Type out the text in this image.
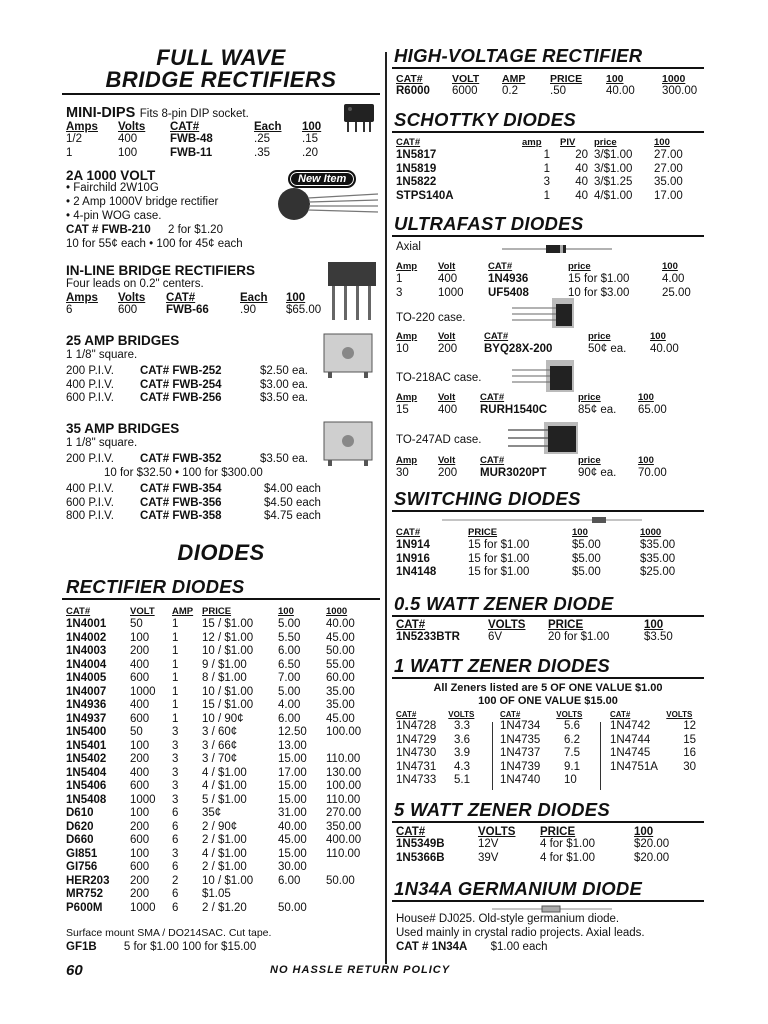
FULL WAVE
BRIDGE RECTIFIERS
MINI-DIPS Fits 8-pin DIP socket.
Amps	Volts	CAT#	Each	100
1/2	400	FWB-48	.25	.15
1	100	FWB-11	.35	.20
2A 1000 VOLT	New Item
• Fairchild 2W10G
• 2 Amp 1000V bridge rectifier
• 4-pin WOG case.
CAT # FWB-210 2 for $1.20
10 for 55¢ each • 100 for 45¢ each
IN-LINE BRIDGE RECTIFIERS
Four leads on 0.2" centers.
Amps	Volts	CAT#	Each	100
6	600	FWB-66	.90	$65.00
25 AMP BRIDGES
1 1/8" square.
200 P.I.V.	CAT# FWB-252	$2.50 ea.
400 P.I.V.	CAT# FWB-254	$3.00 ea.
600 P.I.V.	CAT# FWB-256	$3.50 ea.
35 AMP BRIDGES
1 1/8" square.
200 P.I.V.	CAT# FWB-352	$3.50 ea.
10 for $32.50 • 100 for $300.00
400 P.I.V.	CAT# FWB-354	$4.00 each
600 P.I.V.	CAT# FWB-356	$4.50 each
800 P.I.V.	CAT# FWB-358	$4.75 each
DIODES
RECTIFIER DIODES
CAT#	VOLT	AMP	PRICE	100	1000
1N4001	50	1	15 / $1.00	5.00	40.00
1N4002	100	1	12 / $1.00	5.50	45.00
1N4003	200	1	10 / $1.00	6.00	50.00
1N4004	400	1	9 / $1.00	6.50	55.00
1N4005	600	1	8 / $1.00	7.00	60.00
1N4007	1000	1	10 / $1.00	5.00	35.00
1N4936	400	1	15 / $1.00	4.00	35.00
1N4937	600	1	10 / 90¢	6.00	45.00
1N5400	50	3	3 / 60¢	12.50	100.00
1N5401	100	3	3 / 66¢	13.00	
1N5402	200	3	3 / 70¢	15.00	110.00
1N5404	400	3	4 / $1.00	17.00	130.00
1N5406	600	3	4 / $1.00	15.00	100.00
1N5408	1000	3	5 / $1.00	15.00	110.00
D610	100	6	35¢	31.00	270.00
D620	200	6	2 / 90¢	40.00	350.00
D660	600	6	2 / $1.00	45.00	400.00
GI851	100	3	4 / $1.00	15.00	110.00
GI756	600	6	2 / $1.00	30.00	
HER203	200	2	10 / $1.00	6.00	50.00
MR752	200	6	$1.05		
P600M	1000	6	2 / $1.20	50.00	
Surface mount SMA / DO214SAC. Cut tape.
GF1B 5 for $1.00 100 for $15.00
HIGH-VOLTAGE RECTIFIER
CAT#	VOLT	AMP	PRICE	100	1000
R6000	6000	0.2	.50	40.00	300.00
SCHOTTKY DIODES
CAT#	amp	PIV	price	100
1N5817	1	20	3/$1.00	27.00
1N5819	1	40	3/$1.00	27.00
1N5822	3	40	3/$1.25	35.00
STPS140A	1	40	4/$1.00	17.00
ULTRAFAST DIODES
Axial
Amp	Volt	CAT#	price	100
1	400	1N4936	15 for $1.00	4.00
3	1000	UF5408	10 for $3.00	25.00
TO-220 case.
Amp	Volt	CAT#	price	100
10	200	BYQ28X-200	50¢ ea.	40.00
TO-218AC case.
Amp	Volt	CAT#	price	100
15	400	RURH1540C	85¢ ea.	65.00
TO-247AD case.
Amp	Volt	CAT#	price	100
30	200	MUR3020PT	90¢ ea.	70.00
SWITCHING DIODES
CAT#	PRICE	100	1000
1N914	15 for $1.00	$5.00	$35.00
1N916	15 for $1.00	$5.00	$35.00
1N4148	15 for $1.00	$5.00	$25.00
0.5 WATT ZENER DIODE
CAT#	VOLTS	PRICE	100
1N5233BTR	6V	20 for $1.00	$3.50
1 WATT ZENER DIODES
All Zeners listed are 5 OF ONE VALUE $1.00
100 OF ONE VALUE $15.00
CAT#	VOLTS
1N4728	3.3
1N4729	3.6
1N4730	3.9
1N4731	4.3
1N4733	5.1
CAT#	VOLTS
1N4734	5.6
1N4735	6.2
1N4737	7.5
1N4739	9.1
1N4740	10
CAT#	VOLTS
1N4742	12
1N4744	15
1N4745	16
1N4751A	30
5 WATT ZENER DIODES
CAT#	VOLTS	PRICE	100
1N5349B	12V	4 for $1.00	$20.00
1N5366B	39V	4 for $1.00	$20.00
1N34A GERMANIUM DIODE
House# DJ025. Old-style germanium diode.
Used mainly in crystal radio projects. Axial leads.
CAT # 1N34A $1.00 each
60	NO HASSLE RETURN POLICY
